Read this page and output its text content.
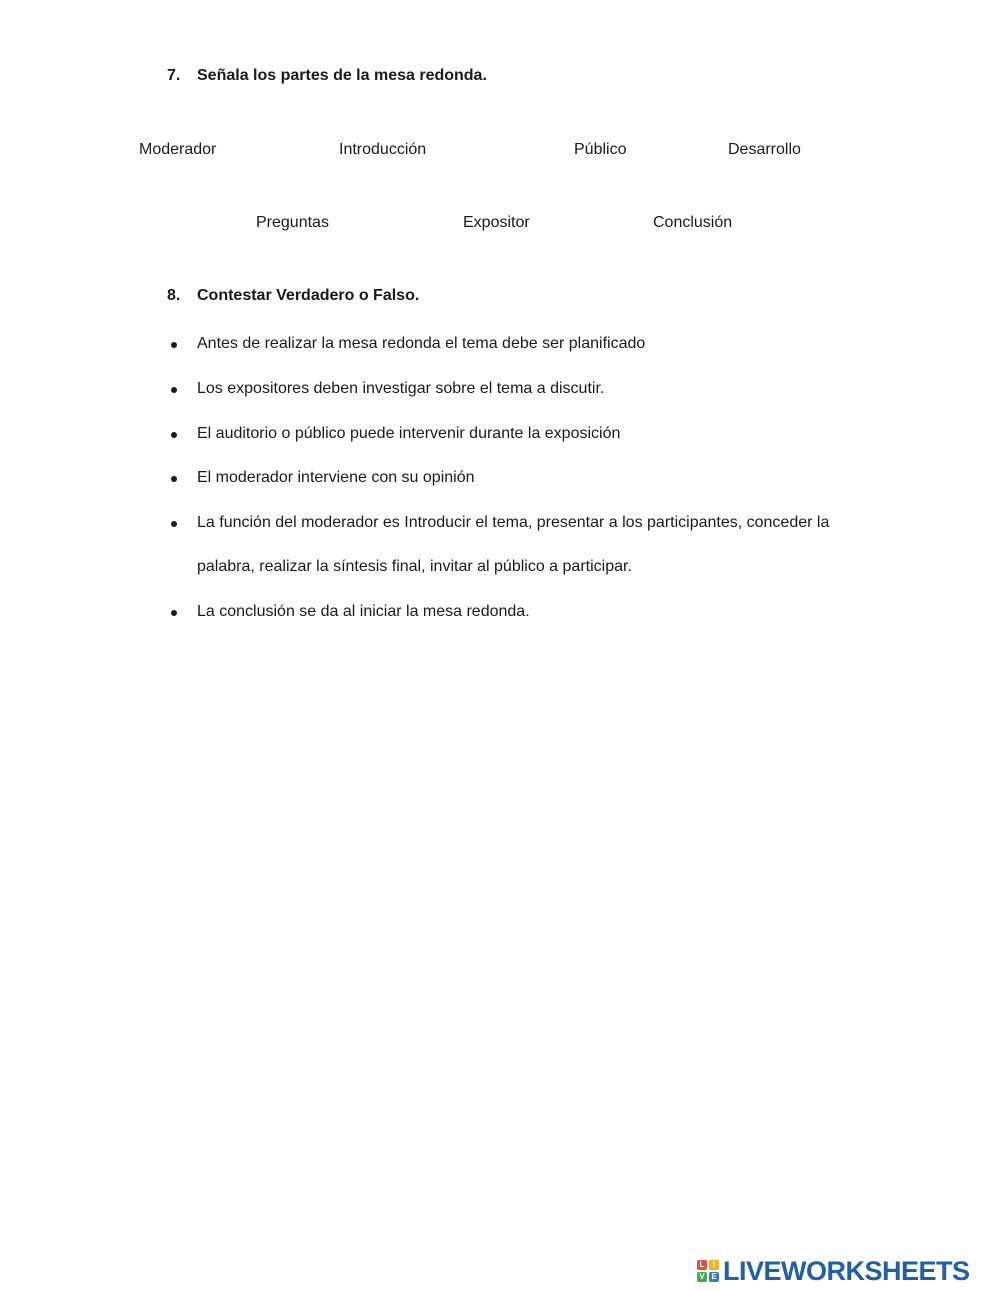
7. Señala los partes de la mesa redonda.
Moderador	Introducción	Público	Desarrollo
Preguntas	Expositor	Conclusión
8. Contestar Verdadero o Falso.
Antes de realizar la mesa redonda el tema debe ser planificado
Los expositores deben investigar sobre el tema a discutir.
El auditorio o público puede intervenir durante la exposición
El moderador interviene con su opinión
La función del moderador es Introducir el tema, presentar a los participantes, conceder la
palabra, realizar la síntesis final, invitar al público a participar.
La conclusión se da al iniciar la mesa redonda.
L	I
V E LIVEWORKSHEETS
